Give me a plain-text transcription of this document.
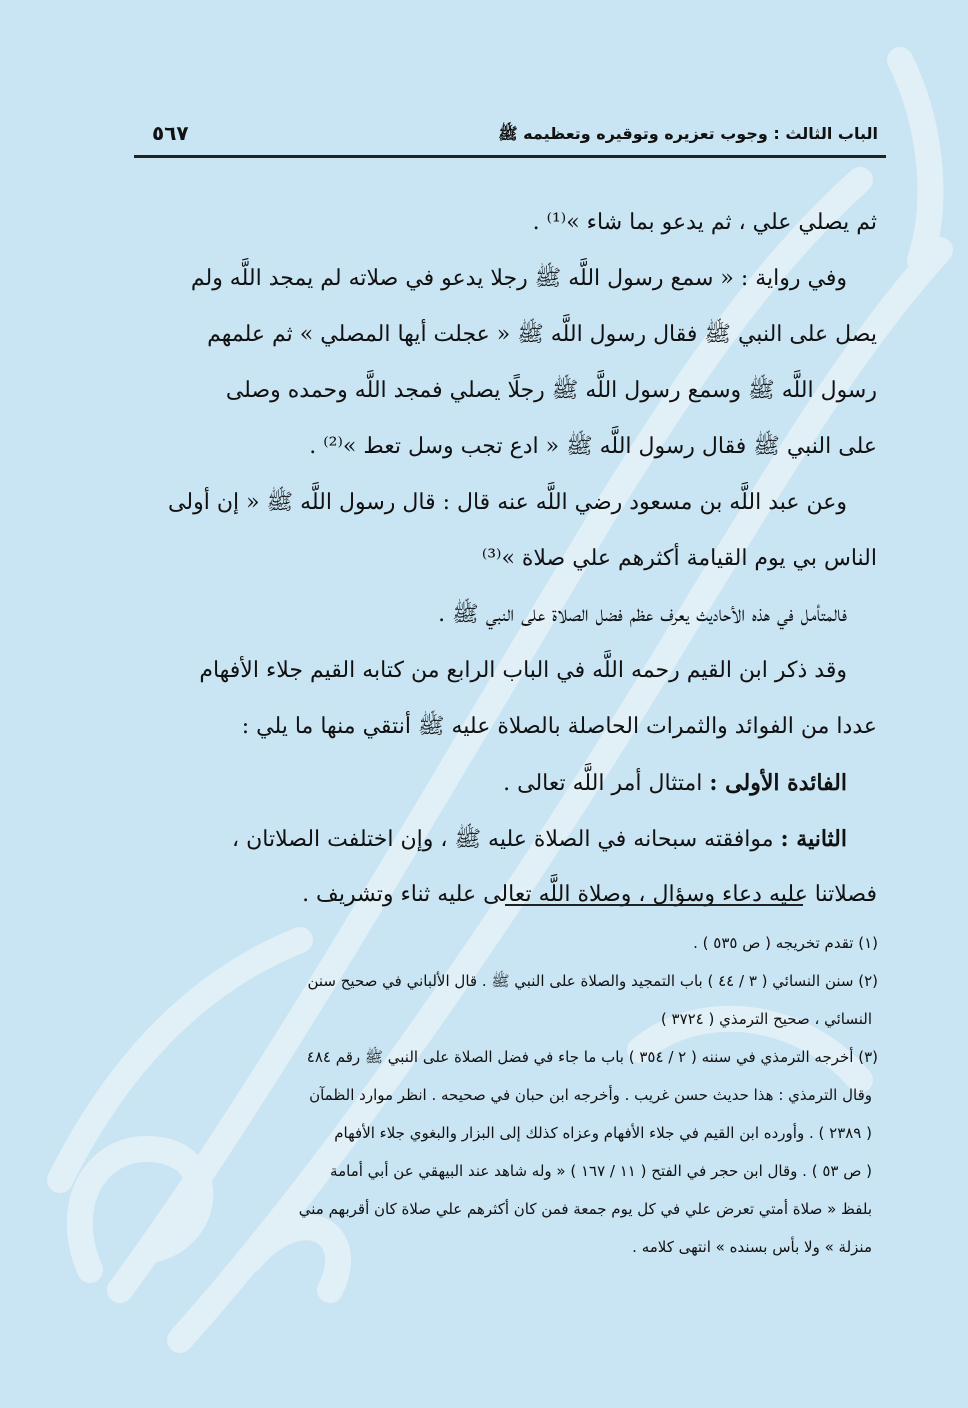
الباب الثالث : وجوب تعزيره وتوقيره وتعظيمه ﷺ
٥٦٧
ثم يصلي علي ، ثم يدعو بما شاء »⁽¹⁾ .
وفي رواية : « سمع رسول اللَّه ﷺ رجلا يدعو في صلاته لم يمجد اللَّه ولم
يصل على النبي ﷺ فقال رسول اللَّه ﷺ « عجلت أيها المصلي » ثم علمهم
رسول اللَّه ﷺ وسمع رسول اللَّه ﷺ رجلًا يصلي فمجد اللَّه وحمده وصلى
على النبي ﷺ فقال رسول اللَّه ﷺ « ادع تجب وسل تعط »⁽²⁾ .
وعن عبد اللَّه بن مسعود رضي اللَّه عنه قال : قال رسول اللَّه ﷺ « إن أولى
الناس بي يوم القيامة أكثرهم علي صلاة »⁽³⁾
فالمتأمل في هذه الأحاديث يعرف عظم فضل الصلاة على النبي ﷺ .
وقد ذكر ابن القيم رحمه اللَّه في الباب الرابع من كتابه القيم جلاء الأفهام
عددا من الفوائد والثمرات الحاصلة بالصلاة عليه ﷺ أنتقي منها ما يلي :
الفائدة الأولى : امتثال أمر اللَّه تعالى .
الثانية : موافقته سبحانه في الصلاة عليه ﷺ ، وإن اختلفت الصلاتان ،
فصلاتنا عليه دعاء وسؤال ، وصلاة اللَّه تعالى عليه ثناء وتشريف .
(١) تقدم تخريجه ( ص ٥٣٥ ) .
(٢) سنن النسائي ( ٣ / ٤٤ ) باب التمجيد والصلاة على النبي ﷺ . قال الألباني في صحيح سنن
النسائي ، صحيح الترمذي ( ٣٧٢٤ )
(٣) أخرجه الترمذي في سننه ( ٢ / ٣٥٤ ) باب ما جاء في فضل الصلاة على النبي ﷺ رقم ٤٨٤
وقال الترمذي : هذا حديث حسن غريب . وأخرجه ابن حبان في صحيحه . انظر موارد الظمآن
( ٢٣٨٩ ) . وأورده ابن القيم في جلاء الأفهام وعزاه كذلك إلى البزار والبغوي جلاء الأفهام
( ص ٥٣ ) . وقال ابن حجر في الفتح ( ١١ / ١٦٧ ) « وله شاهد عند البيهقي عن أبي أمامة
بلفظ « صلاة أمتي تعرض علي في كل يوم جمعة فمن كان أكثرهم علي صلاة كان أقربهم مني
منزلة » ولا بأس بسنده » انتهى كلامه .
